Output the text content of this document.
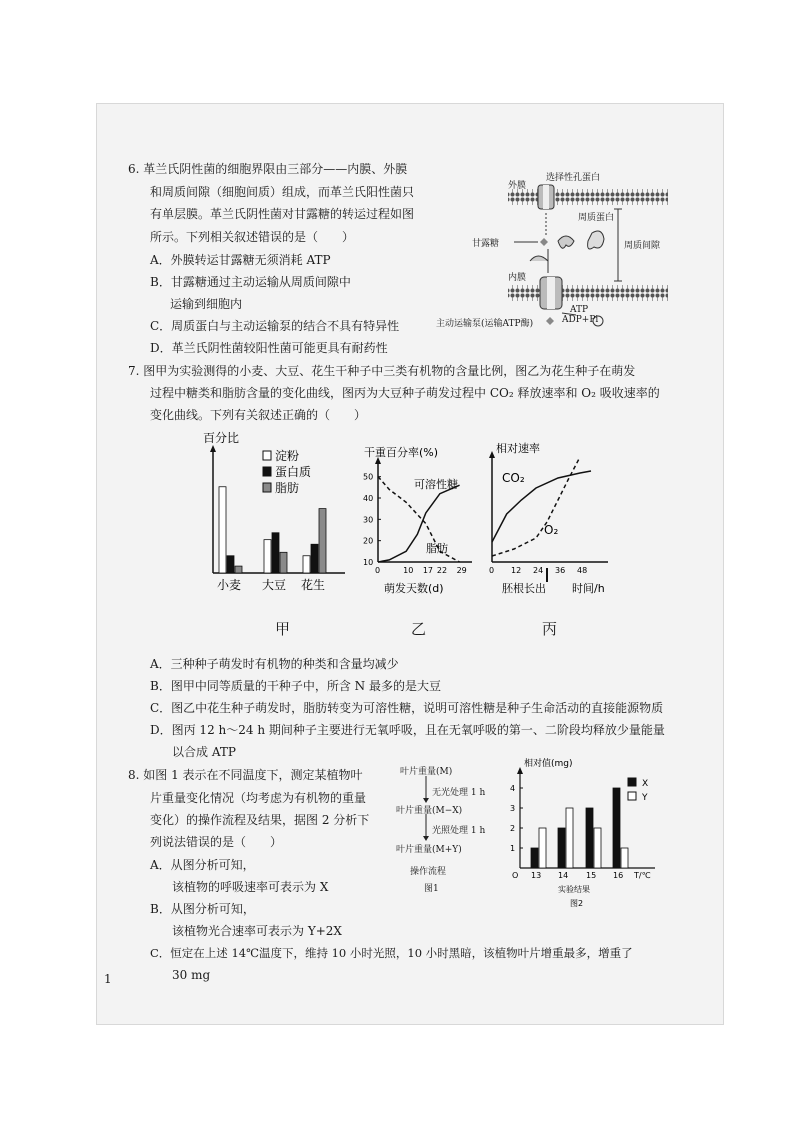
6. 革兰氏阴性菌的细胞界限由三部分——内膜、外膜
和周质间隙（细胞间质）组成，而革兰氏阳性菌只
有单层膜。革兰氏阴性菌对甘露糖的转运过程如图
所示。下列相关叙述错误的是（　　）
A．外膜转运甘露糖无须消耗 ATP
B．甘露糖通过主动运输从周质间隙中
运输到细胞内
C．周质蛋白与主动运输泵的结合不具有特异性
D．革兰氏阴性菌较阳性菌可能更具有耐药性
外膜
选择性孔蛋白
周质蛋白
甘露糖	周质间隙
内膜
ATP
ADP+Pi
主动运输泵(运输ATP酶)
7. 图甲为实验测得的小麦、大豆、花生干种子中三类有机物的含量比例，图乙为花生种子在萌发
过程中糖类和脂肪含量的变化曲线，图丙为大豆种子萌发过程中 CO₂ 释放速率和 O₂ 吸收速率的
变化曲线。下列有关叙述正确的（　　）
百分比
小麦 大豆 花生
淀粉
蛋白质
脂肪
干重百分率(%)
10
20
30
40
50
0	10 17 22 29
萌发天数(d)
可溶性糖
脂肪
相对速率
0 12 24 36 48
胚根长出 时间/h
CO₂
O₂
甲	乙	丙
A．三种种子萌发时有机物的种类和含量均减少
B．图甲中同等质量的干种子中，所含 N 最多的是大豆
C．图乙中花生种子萌发时，脂肪转变为可溶性糖，说明可溶性糖是种子生命活动的直接能源物质
D．图丙 12 h～24 h 期间种子主要进行无氧呼吸，且在无氧呼吸的第一、二阶段均释放少量能量
以合成 ATP
8. 如图 1 表示在不同温度下，测定某植物叶
片重量变化情况（均考虑为有机物的重量
变化）的操作流程及结果，据图 2 分析下
列说法错误的是（　　）
A．从图分析可知，
该植物的呼吸速率可表示为 X
B．从图分析可知，
该植物光合速率可表示为 Y+2X
C．恒定在上述 14℃温度下，维持 10 小时光照，10 小时黑暗，该植物叶片增重最多，增重了
30 mg
叶片重量(M)
无光处理 1 h
叶片重量(M−X)
光照处理 1 h
叶片重量(M+Y)
操作流程
图1
相对值(mg)
1
2
3
4
O 13 14 15 16 T/℃
实验结果
图2
X
Y
1
